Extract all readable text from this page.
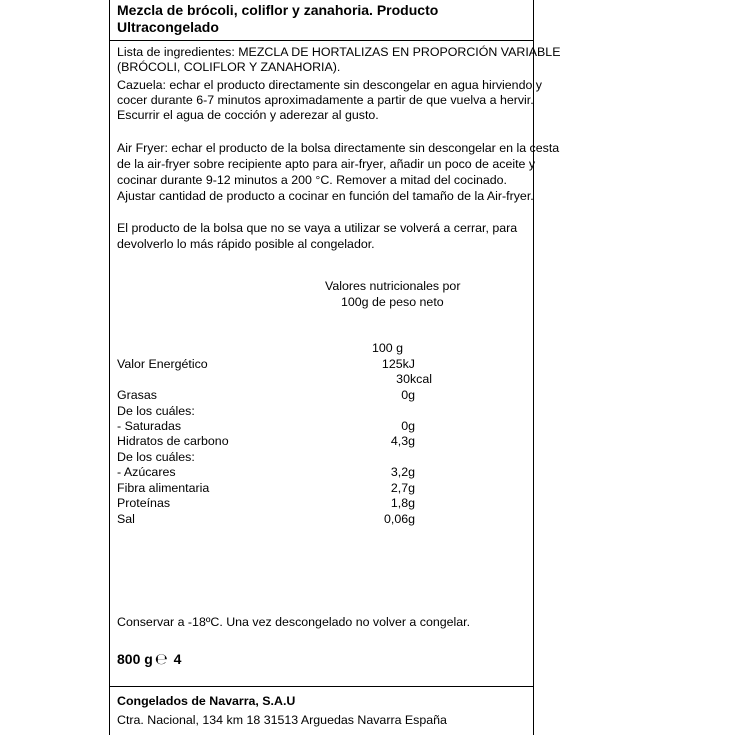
Mezcla de brócoli, coliflor y zanahoria. Producto
Ultracongelado
Lista de ingredientes: MEZCLA DE HORTALIZAS EN PROPORCIÓN VARIABLE
(BRÓCOLI, COLIFLOR Y ZANAHORIA).
Cazuela: echar el producto directamente sin descongelar en agua hirviendo y
cocer durante 6-7 minutos aproximadamente a partir de que vuelva a hervir.
Escurrir el agua de cocción y aderezar al gusto.
Air Fryer: echar el producto de la bolsa directamente sin descongelar en la cesta
de la air-fryer sobre recipiente apto para air-fryer, añadir un poco de aceite y
cocinar durante 9-12 minutos a 200 °C. Remover a mitad del cocinado.
Ajustar cantidad de producto a cocinar en función del tamaño de la Air-fryer.
El producto de la bolsa que no se vaya a utilizar se volverá a cerrar, para
devolverlo lo más rápido posible al congelador.
Valores nutricionales por
100g de peso neto
100 g
Valor Energético	125kJ
30kcal
Grasas	0g
De los cuáles:
- Saturadas	0g
Hidratos de carbono	4,3g
De los cuáles:
- Azúcares	3,2g
Fibra alimentaria	2,7g
Proteínas	1,8g
Sal	0,06g
Conservar a -18ºC. Una vez descongelado no volver a congelar.
800 g ℮ 4
Congelados de Navarra, S.A.U
Ctra. Nacional, 134 km 18 31513 Arguedas Navarra España
